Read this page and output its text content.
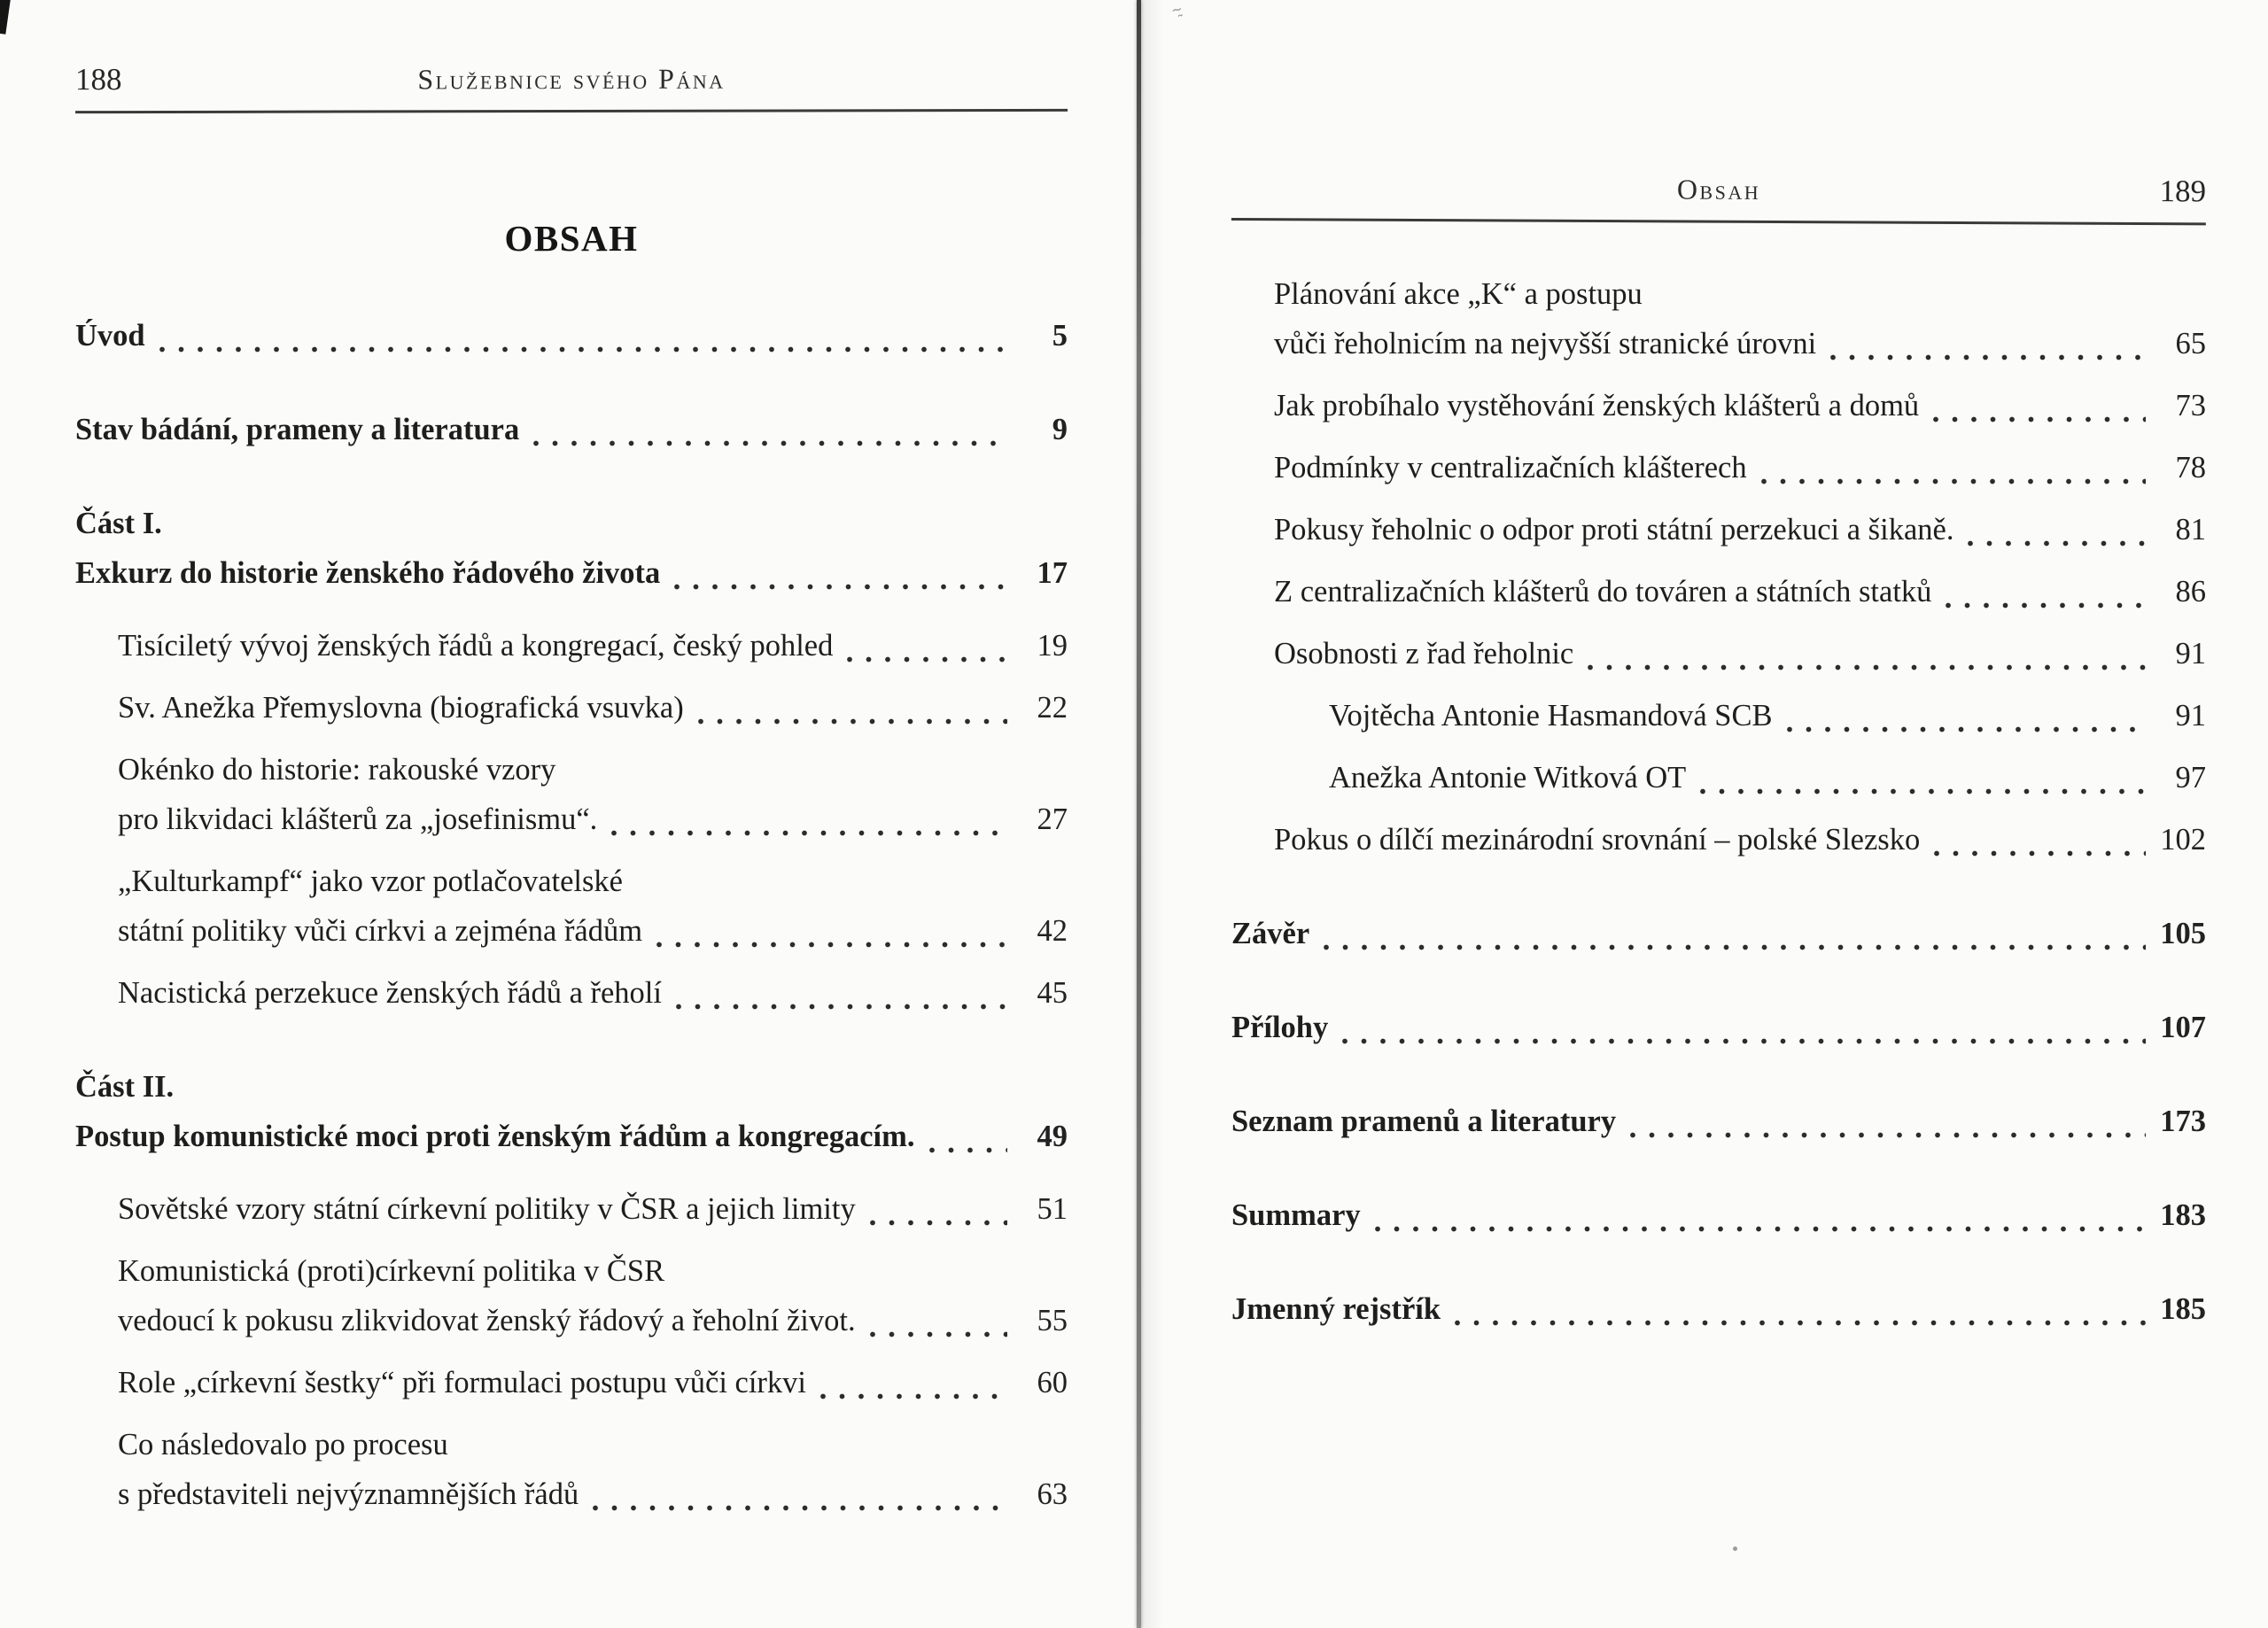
188	Služebnice svého Pána
OBSAH
Úvod	5
Stav bádání, prameny a literatura	9
Část I.
Exkurz do historie ženského řádového života	17
Tisíciletý vývoj ženských řádů a kongregací, český pohled	19
Sv. Anežka Přemyslovna (biografická vsuvka)	22
Okénko do historie: rakouské vzory
pro likvidaci klášterů za „josefinismu“.	27
„Kulturkampf“ jako vzor potlačovatelské
státní politiky vůči církvi a zejména řádům	42
Nacistická perzekuce ženských řádů a řeholí	45
Část II.
Postup komunistické moci proti ženským řádům a kongregacím.	49
Sovětské vzory státní církevní politiky v ČSR a jejich limity	51
Komunistická (proti)církevní politika v ČSR
vedoucí k pokusu zlikvidovat ženský řádový a řeholní život.	55
Role „církevní šestky“ při formulaci postupu vůči církvi	60
Co následovalo po procesu
s představiteli nejvýznamnějších řádů	63
Obsah	189
Plánování akce „K“ a postupu
vůči řeholnicím na nejvyšší stranické úrovni	65
Jak probíhalo vystěhování ženských klášterů a domů	73
Podmínky v centralizačních klášterech	78
Pokusy řeholnic o odpor proti státní perzekuci a šikaně.	81
Z centralizačních klášterů do továren a státních statků	86
Osobnosti z řad řeholnic	91
Vojtěcha Antonie Hasmandová SCB	91
Anežka Antonie Witková OT	97
Pokus o dílčí mezinárodní srovnání – polské Slezsko	102
Závěr	105
Přílohy	107
Seznam pramenů a literatury	173
Summary	183
Jmenný rejstřík	185
~̰
